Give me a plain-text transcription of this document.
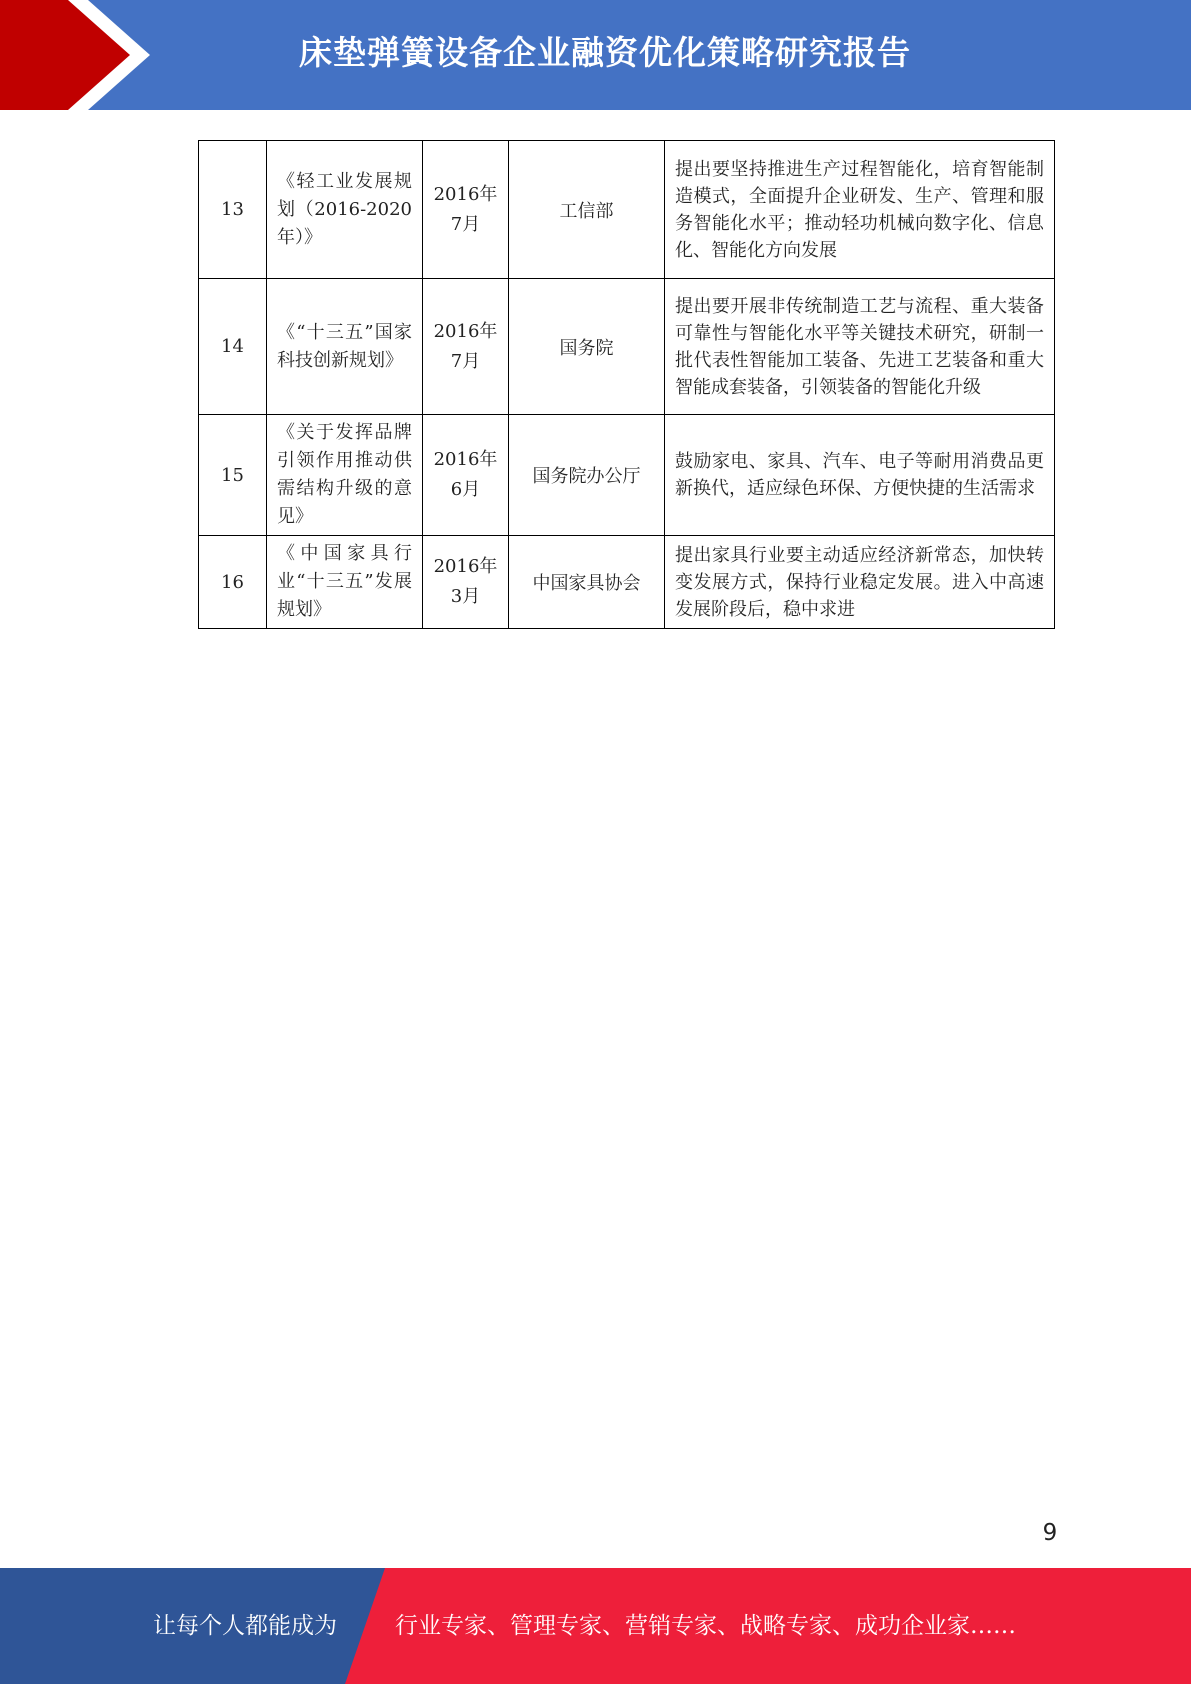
床垫弹簧设备企业融资优化策略研究报告
13	《轻工业发展规划（2016-2020年）》	2016年7月	工信部	提出要坚持推进生产过程智能化，培育智能制造模式，全面提升企业研发、生产、管理和服务智能化水平；推动轻功机械向数字化、信息化、智能化方向发展
14	《“十三五”国家科技创新规划》	2016年7月	国务院	提出要开展非传统制造工艺与流程、重大装备可靠性与智能化水平等关键技术研究，研制一批代表性智能加工装备、先进工艺装备和重大智能成套装备，引领装备的智能化升级
15	《关于发挥品牌引领作用推动供需结构升级的意见》	2016年6月	国务院办公厅	鼓励家电、家具、汽车、电子等耐用消费品更新换代，适应绿色环保、方便快捷的生活需求
16	《中国家具行业“十三五”发展规划》	2016年3月	中国家具协会	提出家具行业要主动适应经济新常态，加快转变发展方式，保持行业稳定发展。进入中高速发展阶段后，稳中求进
9
让每个人都能成为	行业专家、管理专家、营销专家、战略专家、成功企业家……
